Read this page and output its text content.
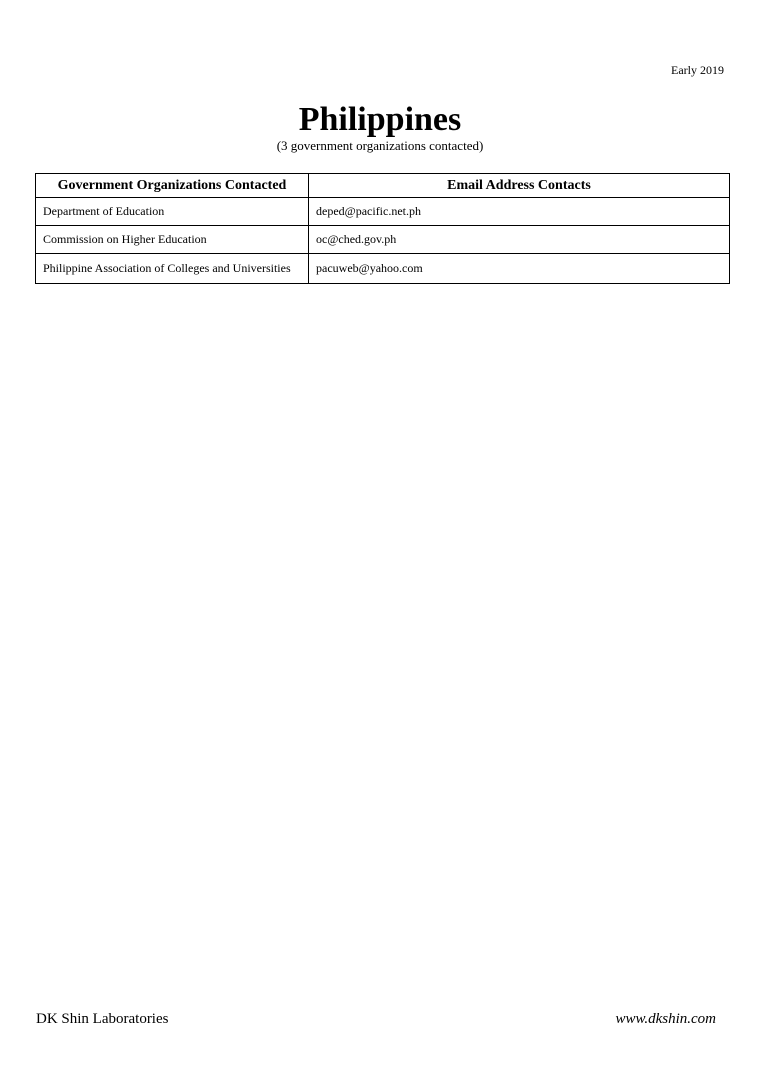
Early 2019
Philippines
(3 government organizations contacted)
Government Organizations Contacted	Email Address Contacts
Department of Education	deped@pacific.net.ph
Commission on Higher Education	oc@ched.gov.ph
Philippine Association of Colleges and Universities	pacuweb@yahoo.com
DK Shin Laboratories	www.dkshin.com
